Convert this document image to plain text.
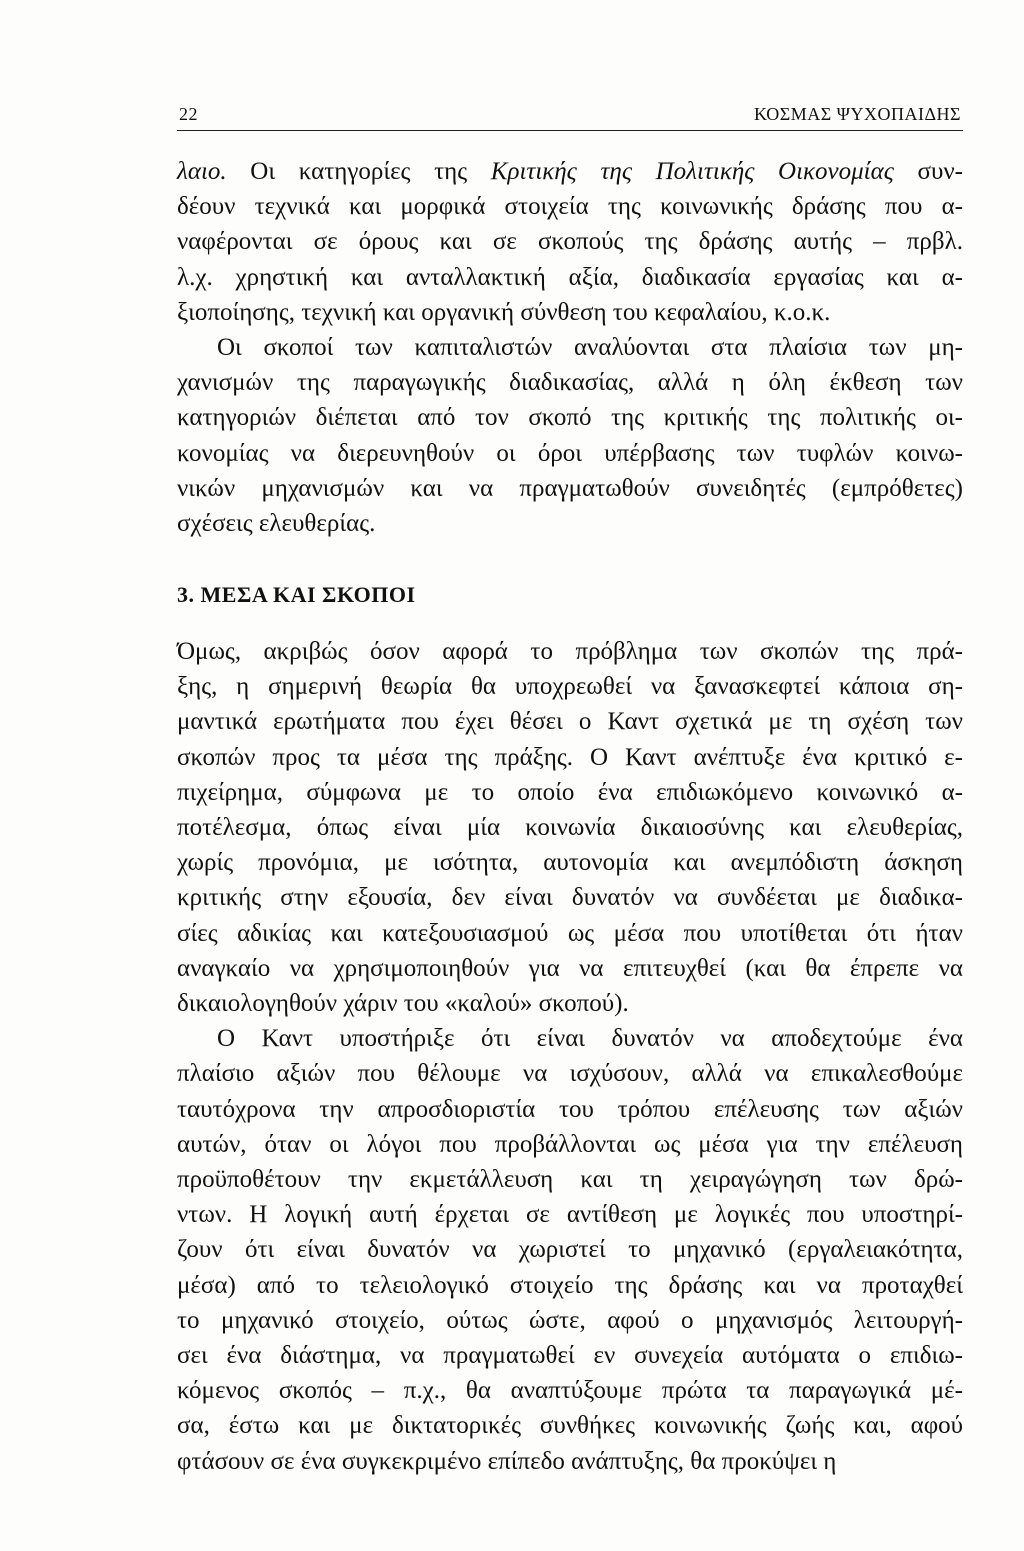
22	ΚΟΣΜΑΣ ΨΥΧΟΠΑΙΔΗΣ

λαιο. Οι κατηγορίες της Κριτικής της Πολιτικής Οικονομίας συν-
δέουν τεχνικά και μορφικά στοιχεία της κοινωνικής δράσης που α-
ναφέρονται σε όρους και σε σκοπούς της δράσης αυτής – πρβλ.
λ.χ. χρηστική και ανταλλακτική αξία, διαδικασία εργασίας και α-
ξιοποίησης, τεχνική και οργανική σύνθεση του κεφαλαίου, κ.ο.κ.

Οι σκοποί των καπιταλιστών αναλύονται στα πλαίσια των μη-
χανισμών της παραγωγικής διαδικασίας, αλλά η όλη έκθεση των
κατηγοριών διέπεται από τον σκοπό της κριτικής της πολιτικής οι-
κονομίας να διερευνηθούν οι όροι υπέρβασης των τυφλών κοινω-
νικών μηχανισμών και να πραγματωθούν συνειδητές (εμπρόθετες)
σχέσεις ελευθερίας.

3. ΜΕΣΑ ΚΑΙ ΣΚΟΠΟΙ

Όμως, ακριβώς όσον αφορά το πρόβλημα των σκοπών της πρά-
ξης, η σημερινή θεωρία θα υποχρεωθεί να ξανασκεφτεί κάποια ση-
μαντικά ερωτήματα που έχει θέσει ο Καντ σχετικά με τη σχέση των
σκοπών προς τα μέσα της πράξης. Ο Καντ ανέπτυξε ένα κριτικό ε-
πιχείρημα, σύμφωνα με το οποίο ένα επιδιωκόμενο κοινωνικό α-
ποτέλεσμα, όπως είναι μία κοινωνία δικαιοσύνης και ελευθερίας,
χωρίς προνόμια, με ισότητα, αυτονομία και ανεμπόδιστη άσκηση
κριτικής στην εξουσία, δεν είναι δυνατόν να συνδέεται με διαδικα-
σίες αδικίας και κατεξουσιασμού ως μέσα που υποτίθεται ότι ήταν
αναγκαίο να χρησιμοποιηθούν για να επιτευχθεί (και θα έπρεπε να
δικαιολογηθούν χάριν του «καλού» σκοπού).

Ο Καντ υποστήριξε ότι είναι δυνατόν να αποδεχτούμε ένα
πλαίσιο αξιών που θέλουμε να ισχύσουν, αλλά να επικαλεσθούμε
ταυτόχρονα την απροσδιοριστία του τρόπου επέλευσης των αξιών
αυτών, όταν οι λόγοι που προβάλλονται ως μέσα για την επέλευση
προϋποθέτουν την εκμετάλλευση και τη χειραγώγηση των δρώ-
ντων. Η λογική αυτή έρχεται σε αντίθεση με λογικές που υποστηρί-
ζουν ότι είναι δυνατόν να χωριστεί το μηχανικό (εργαλειακότητα,
μέσα) από το τελειολογικό στοιχείο της δράσης και να προταχθεί
το μηχανικό στοιχείο, ούτως ώστε, αφού ο μηχανισμός λειτουργή-
σει ένα διάστημα, να πραγματωθεί εν συνεχεία αυτόματα ο επιδιω-
κόμενος σκοπός – π.χ., θα αναπτύξουμε πρώτα τα παραγωγικά μέ-
σα, έστω και με δικτατορικές συνθήκες κοινωνικής ζωής και, αφού
φτάσουν σε ένα συγκεκριμένο επίπεδο ανάπτυξης, θα προκύψει η
